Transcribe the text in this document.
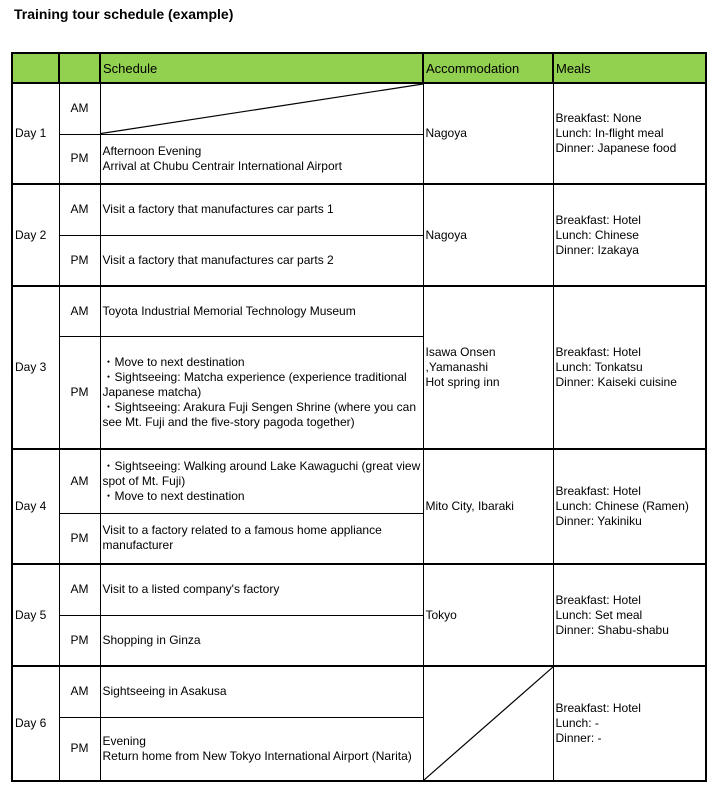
Training tour schedule (example)
		Schedule	Accommodation	Meals
Day 1	AM		Nagoya	Breakfast: None
Lunch: In-flight meal
Dinner: Japanese food
	PM	Afternoon Evening
Arrival at Chubu Centrair International Airport		
Day 2	AM	Visit a factory that manufactures car parts 1	Nagoya	Breakfast: Hotel
Lunch: Chinese
Dinner: Izakaya
	PM	Visit a factory that manufactures car parts 2		
Day 3	AM	Toyota Industrial Memorial Technology Museum	Isawa Onsen
,Yamanashi
Hot spring inn	Breakfast: Hotel
Lunch: Tonkatsu
Dinner: Kaiseki cuisine
	PM	・Move to next destination
・Sightseeing: Matcha experience (experience traditional Japanese matcha)
・Sightseeing: Arakura Fuji Sengen Shrine (where you can see Mt. Fuji and the five-story pagoda together)		
Day 4	AM	・Sightseeing: Walking around Lake Kawaguchi (great view spot of Mt. Fuji)
・Move to next destination	Mito City, Ibaraki	Breakfast: Hotel
Lunch: Chinese (Ramen)
Dinner: Yakiniku
	PM	Visit to a factory related to a famous home appliance manufacturer		
Day 5	AM	Visit to a listed company's factory	Tokyo	Breakfast: Hotel
Lunch: Set meal
Dinner: Shabu-shabu
	PM	Shopping in Ginza		
Day 6	AM	Sightseeing in Asakusa		Breakfast: Hotel
Lunch: -
Dinner: -
	PM	Evening
Return home from New Tokyo International Airport (Narita)		
